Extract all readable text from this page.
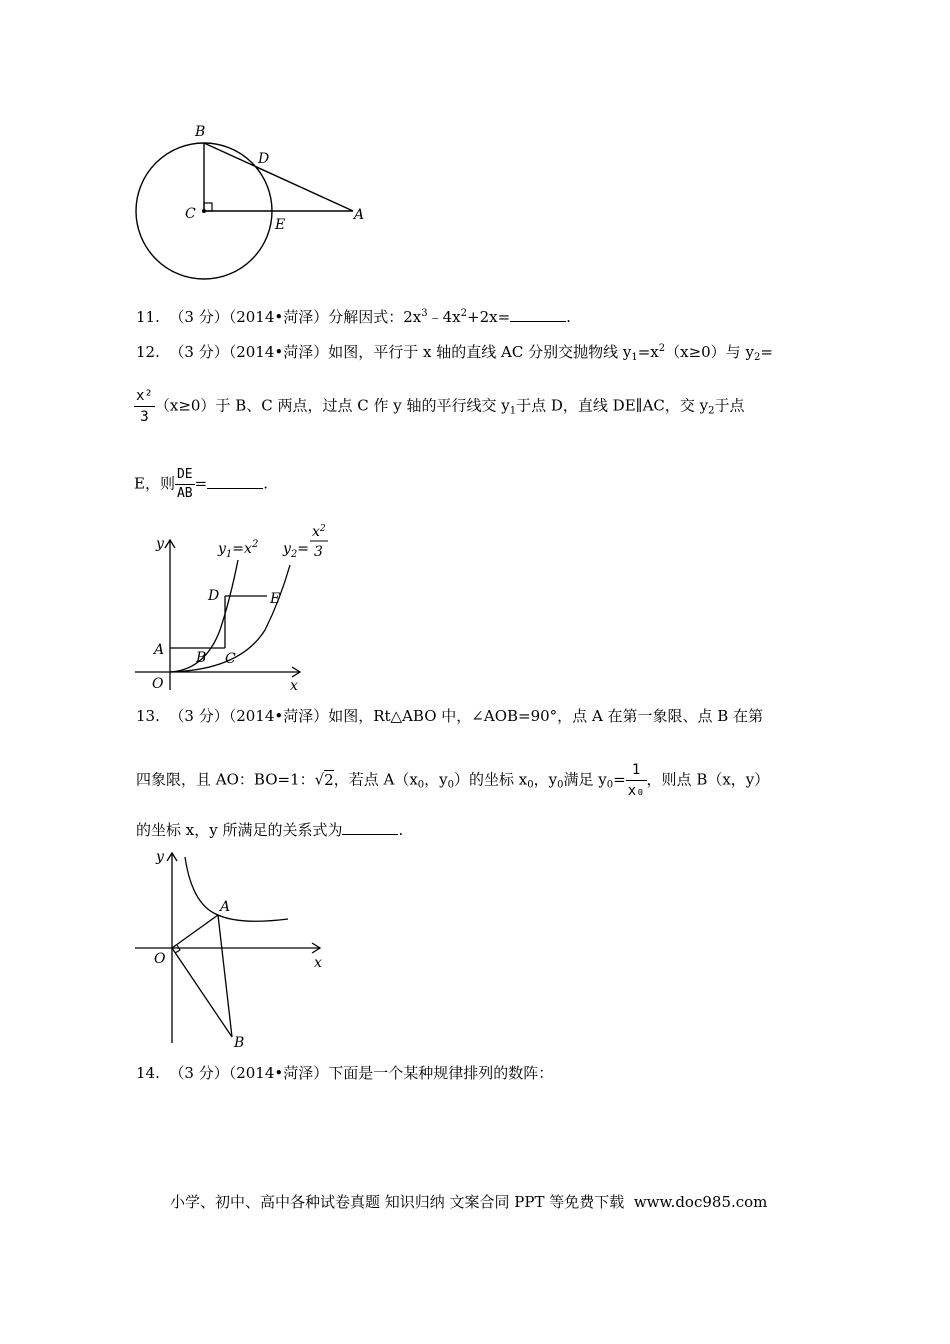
B
D
C
E
A
11. （3 分）（2014•菏泽）分解因式：$2x^3﹣4x^2+2x=$	.
12. （3 分）（2014•菏泽）如图，平行于 x 轴的直线 AC 分别交抛物线 $y_1=x^2(x\ge 0)$与 $y_2=$
$\frac{\text{x²}}{3} (x\ge 0)$于 B、C 两点，过点 C 作 y 轴的平行线交 $y_1$于点 D，直线 DE∥AC，交 $y_2$于点
E，则 $\frac{DE}{AB}$ =	.
y
x
O
A B C
D	E
$y_1=x^2$ $y_2=$
$x^2$
3
13. （3 分）（2014•菏泽）如图，Rt△ABO 中，∠AOB=90°，点 A 在第一象限、点 B 在第
四象限，且 AO：BO=1：√2，若点 $A(x_0$，$y_0$）的坐标 $x_0$，$y_0$满足 $y_0= \frac{1}{\text{x₀}}$ ，则点 B（x，y）
的坐标 x，y 所满足的关系式为	.
y
x
O
A
B
14. （3 分）（2014•菏泽）下面是一个某种规律排列的数阵：
小学、初中、高中各种试卷真题 知识归纳 文案合同 PPT 等免费下载 www.doc985.com
